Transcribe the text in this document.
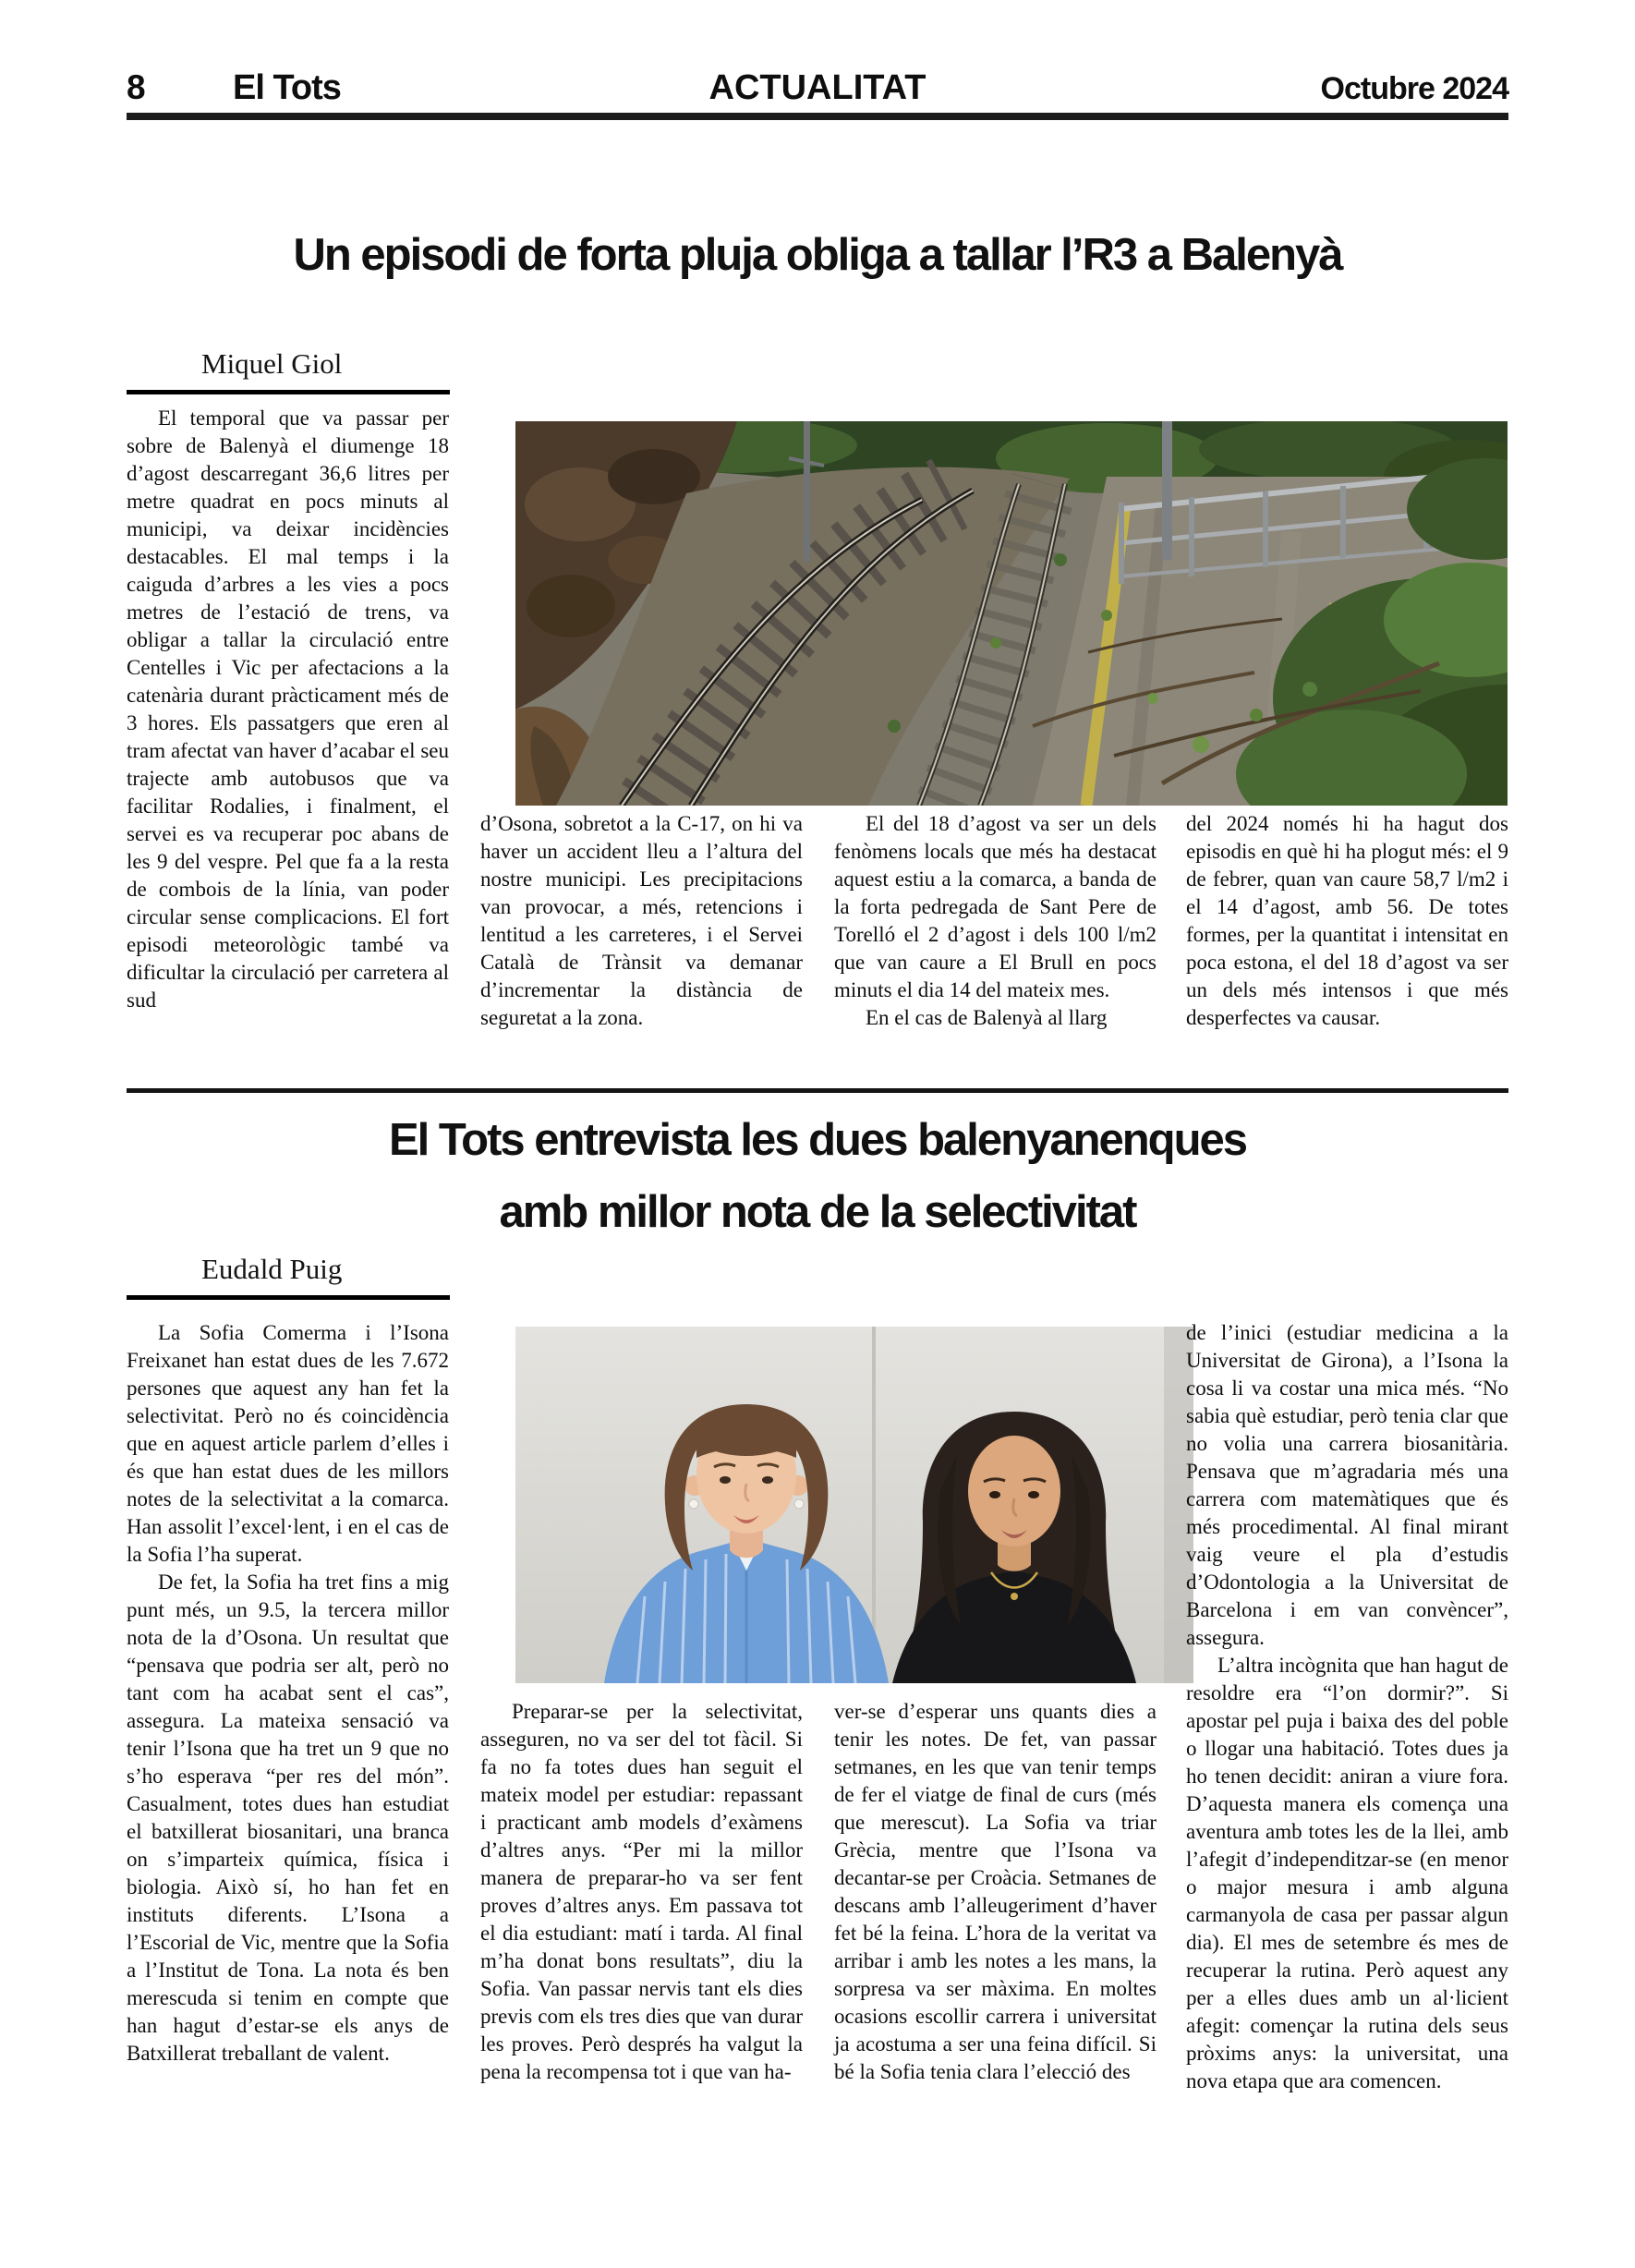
8	El Tots	ACTUALITAT	Octubre 2024
Un episodi de forta pluja obliga a tallar l’R3 a Balenyà
Miquel Giol

El temporal que va passar per sobre de Balenyà el diumenge 18 d’agost descarregant 36,6 litres per metre quadrat en pocs minuts al municipi, va deixar incidències destacables. El mal temps i la caiguda d’arbres a les vies a pocs metres de l’estació de trens, va obligar a tallar la circulació entre Centelles i Vic per afectacions a la catenària durant pràcticament més de 3 hores. Els passatgers que eren al tram afectat van haver d’acabar el seu trajecte amb autobusos que va facilitar Rodalies, i finalment, el servei es va recuperar poc abans de les 9 del vespre. Pel que fa a la resta de combois de la línia, van poder circular sense complicacions. El fort episodi meteorològic també va dificultar la circulació per carretera al sud

d’Osona, sobretot a la C-17, on hi va haver un accident lleu a l’altura del nostre municipi. Les precipitacions van provocar, a més, retencions i lentitud a les carreteres, i el Servei Català de Trànsit va demanar d’incrementar la distància de seguretat a la zona.

El del 18 d’agost va ser un dels fenòmens locals que més ha destacat aquest estiu a la comarca, a banda de la forta pedregada de Sant Pere de Torelló el 2 d’agost i dels 100 l/m2 que van caure a El Brull en pocs minuts el dia 14 del mateix mes.

En el cas de Balenyà al llarg

del 2024 només hi ha hagut dos episodis en què hi ha plogut més: el 9 de febrer, quan van caure 58,7 l/m2 i el 14 d’agost, amb 56. De totes formes, per la quantitat i intensitat en poca estona, el del 18 d’agost va ser un dels més intensos i que més desperfectes va causar.

El Tots entrevista les dues balenyanenques
amb millor nota de la selectivitat
Eudald Puig

La Sofia Comerma i l’Isona Freixanet han estat dues de les 7.672 persones que aquest any han fet la selectivitat. Però no és coincidència que en aquest article parlem d’elles i és que han estat dues de les millors notes de la selectivitat a la comarca. Han assolit l’excel·lent, i en el cas de la Sofia l’ha superat.

De fet, la Sofia ha tret fins a mig punt més, un 9.5, la tercera millor nota de la d’Osona. Un resultat que “pensava que podria ser alt, però no tant com ha acabat sent el cas”, assegura. La mateixa sensació va tenir l’Isona que ha tret un 9 que no s’ho esperava “per res del món”. Casualment, totes dues han estudiat el batxillerat biosanitari, una branca on s’imparteix química, física i biologia. Això sí, ho han fet en instituts diferents. L’Isona a l’Escorial de Vic, mentre que la Sofia a l’Institut de Tona. La nota és ben merescuda si tenim en compte que han hagut d’estar-se els anys de Batxillerat treballant de valent.

Preparar-se per la selectivitat, asseguren, no va ser del tot fàcil. Si fa no fa totes dues han seguit el mateix model per estudiar: repassant i practicant amb models d’exàmens d’altres anys. “Per mi la millor manera de preparar-ho va ser fent proves d’altres anys. Em passava tot el dia estudiant: matí i tarda. Al final m’ha donat bons resultats”, diu la Sofia. Van passar nervis tant els dies previs com els tres dies que van durar les proves. Però després ha valgut la pena la recompensa tot i que van ha-

ver-se d’esperar uns quants dies a tenir les notes. De fet, van passar setmanes, en les que van tenir temps de fer el viatge de final de curs (més que merescut). La Sofia va triar Grècia, mentre que l’Isona va decantar-se per Croàcia. Setmanes de descans amb l’alleugeriment d’haver fet bé la feina. L’hora de la veritat va arribar i amb les notes a les mans, la sorpresa va ser màxima. En moltes ocasions escollir carrera i universitat ja acostuma a ser una feina difícil. Si bé la Sofia tenia clara l’elecció des

de l’inici (estudiar medicina a la Universitat de Girona), a l’Isona la cosa li va costar una mica més. “No sabia què estudiar, però tenia clar que no volia una carrera biosanitària. Pensava que m’agradaria més una carrera com matemàtiques que és més procedimental. Al final mirant vaig veure el pla d’estudis d’Odontologia a la Universitat de Barcelona i em van convèncer”, assegura.

L’altra incògnita que han hagut de resoldre era “l’on dormir?”. Si apostar pel puja i baixa des del poble o llogar una habitació. Totes dues ja ho tenen decidit: aniran a viure fora. D’aquesta manera els comença una aventura amb totes les de la llei, amb l’afegit d’independitzar-se (en menor o major mesura i amb alguna carmanyola de casa per passar algun dia). El mes de setembre és mes de recuperar la rutina. Però aquest any per a elles dues amb un al·licient afegit: començar la rutina dels seus pròxims anys: la universitat, una nova etapa que ara comencen.
